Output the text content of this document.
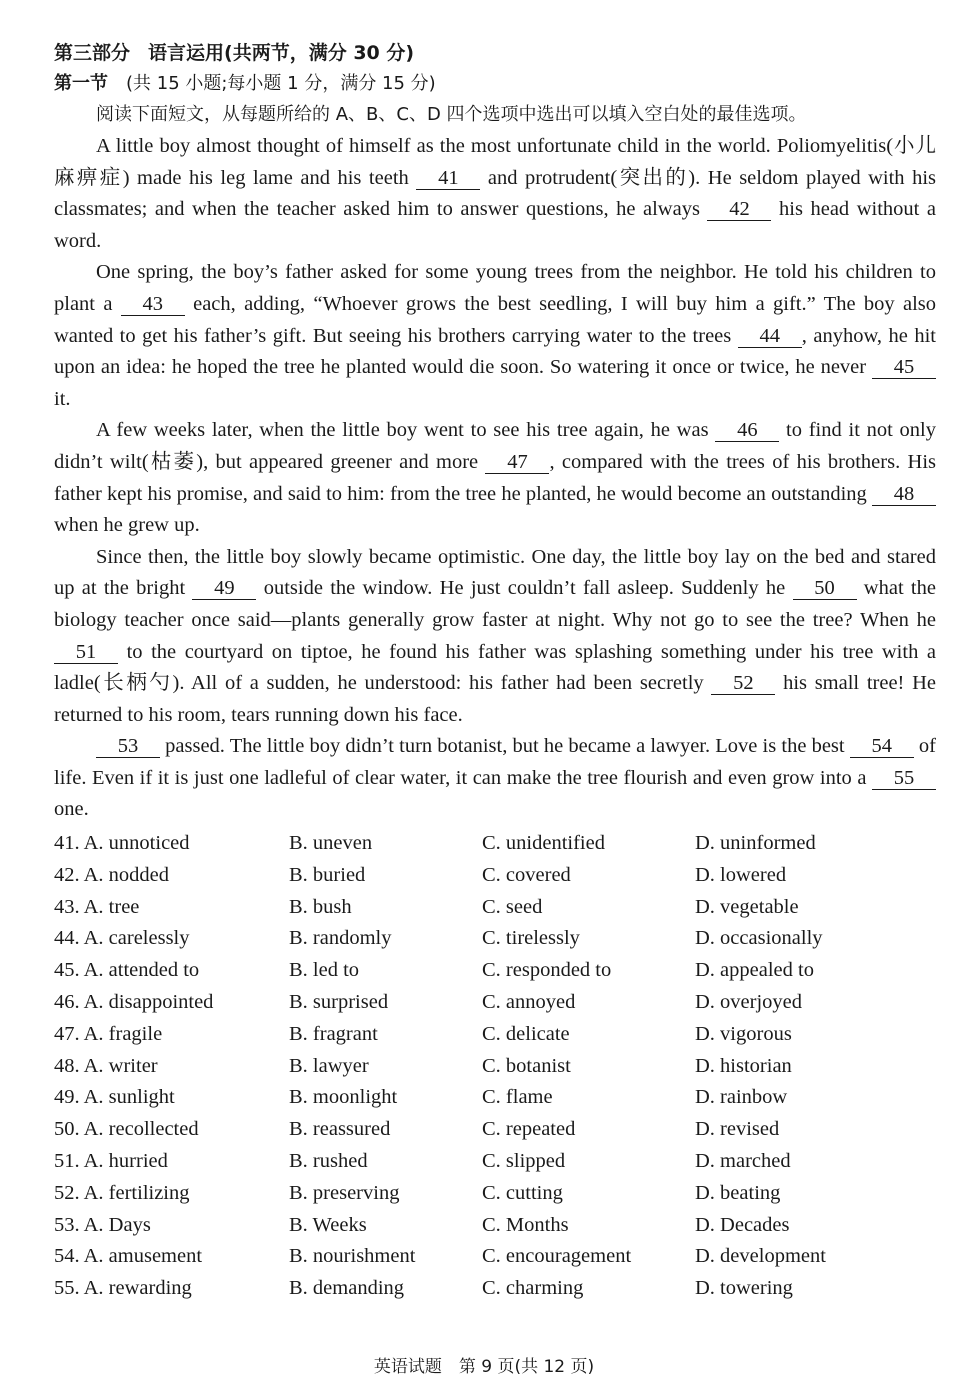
第三部分 语言运用(共两节，满分 30 分)
第一节 (共 15 小题;每小题 1 分，满分 15 分)
阅读下面短文，从每题所给的 A、B、C、D 四个选项中选出可以填入空白处的最佳选项。

A little boy almost thought of himself as the most unfortunate child in the world. Poliomyelitis(小儿麻痹症) made his leg lame and his teeth 41 and protrudent(突出的). He seldom played with his classmates; and when the teacher asked him to answer questions, he always 42 his head without a word.

One spring, the boy’s father asked for some young trees from the neighbor. He told his children to plant a 43 each, adding, “Whoever grows the best seedling, I will buy him a gift.” The boy also wanted to get his father’s gift. But seeing his brothers carrying water to the trees 44 , anyhow, he hit upon an idea: he hoped the tree he planted would die soon. So watering it once or twice, he never 45 it.

A few weeks later, when the little boy went to see his tree again, he was 46 to find it not only didn’t wilt(枯萎), but appeared greener and more 47 , compared with the trees of his brothers. His father kept his promise, and said to him: from the tree he planted, he would become an outstanding 48 when he grew up.

Since then, the little boy slowly became optimistic. One day, the little boy lay on the bed and stared up at the bright 49 outside the window. He just couldn’t fall asleep. Suddenly he 50 what the biology teacher once said—plants generally grow faster at night. Why not go to see the tree? When he 51 to the courtyard on tiptoe, he found his father was splashing something under his tree with a ladle(长柄勺). All of a sudden, he understood: his father had been secretly 52 his small tree! He returned to his room, tears running down his face.

53 passed. The little boy didn’t turn botanist, but he became a lawyer. Love is the best 54 of life. Even if it is just one ladleful of clear water, it can make the tree flourish and even grow into a 55 one.

41. A. unnoticed	B. uneven	C. unidentified	D. uninformed
42. A. nodded	B. buried	C. covered	D. lowered
43. A. tree	B. bush	C. seed	D. vegetable
44. A. carelessly	B. randomly	C. tirelessly	D. occasionally
45. A. attended to	B. led to	C. responded to	D. appealed to
46. A. disappointed	B. surprised	C. annoyed	D. overjoyed
47. A. fragile	B. fragrant	C. delicate	D. vigorous
48. A. writer	B. lawyer	C. botanist	D. historian
49. A. sunlight	B. moonlight	C. flame	D. rainbow
50. A. recollected	B. reassured	C. repeated	D. revised
51. A. hurried	B. rushed	C. slipped	D. marched
52. A. fertilizing	B. preserving	C. cutting	D. beating
53. A. Days	B. Weeks	C. Months	D. Decades
54. A. amusement	B. nourishment	C. encouragement	D. development
55. A. rewarding	B. demanding	C. charming	D. towering
英语试题　第 9 页(共 12 页)
